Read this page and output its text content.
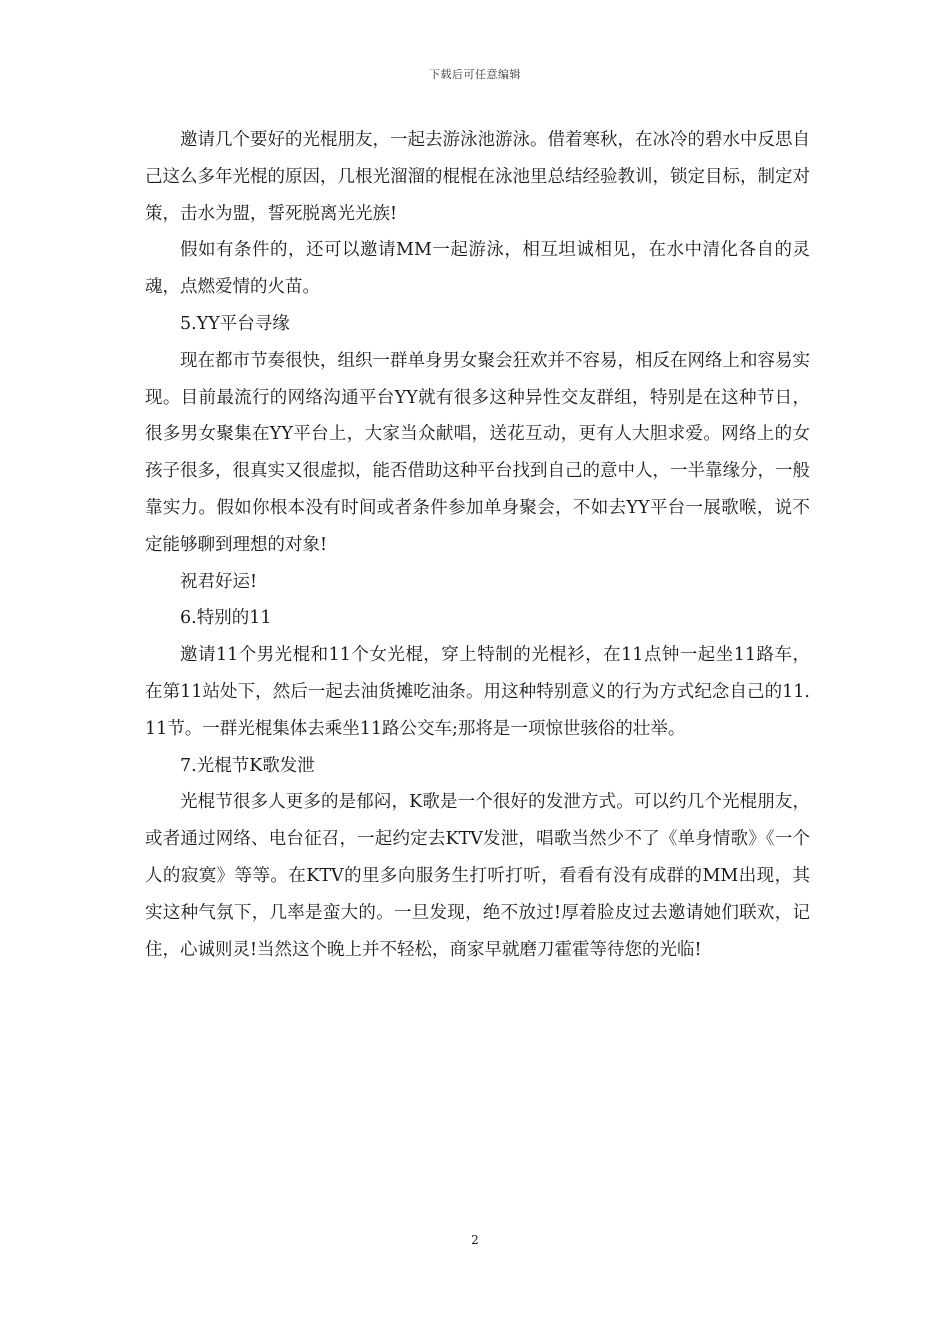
下载后可任意编辑

邀请几个要好的光棍朋友，一起去游泳池游泳。借着寒秋，在冰冷的碧水中反思自己这么多年光棍的原因，几根光溜溜的棍棍在泳池里总结经验教训，锁定目标，制定对策，击水为盟，誓死脱离光光族!

假如有条件的，还可以邀请MM一起游泳，相互坦诚相见，在水中清化各自的灵魂，点燃爱情的火苗。

5.YY平台寻缘

现在都市节奏很快，组织一群单身男女聚会狂欢并不容易，相反在网络上和容易实现。目前最流行的网络沟通平台YY就有很多这种异性交友群组，特别是在这种节日，很多男女聚集在YY平台上，大家当众献唱，送花互动，更有人大胆求爱。网络上的女孩子很多，很真实又很虚拟，能否借助这种平台找到自己的意中人，一半靠缘分，一般靠实力。假如你根本没有时间或者条件参加单身聚会，不如去YY平台一展歌喉，说不定能够聊到理想的对象!

祝君好运!

6.特别的11

邀请11个男光棍和11个女光棍，穿上特制的光棍衫，在11点钟一起坐11路车，在第11站处下，然后一起去油货摊吃油条。用这种特别意义的行为方式纪念自己的11.11节。一群光棍集体去乘坐11路公交车;那将是一项惊世骇俗的壮举。

7.光棍节K歌发泄

光棍节很多人更多的是郁闷，K歌是一个很好的发泄方式。可以约几个光棍朋友，或者通过网络、电台征召，一起约定去KTV发泄，唱歌当然少不了《单身情歌》《一个人的寂寞》等等。在KTV的里多向服务生打听打听，看看有没有成群的MM出现，其实这种气氛下，几率是蛮大的。一旦发现，绝不放过!厚着脸皮过去邀请她们联欢，记住，心诚则灵!当然这个晚上并不轻松，商家早就磨刀霍霍等待您的光临!

2
